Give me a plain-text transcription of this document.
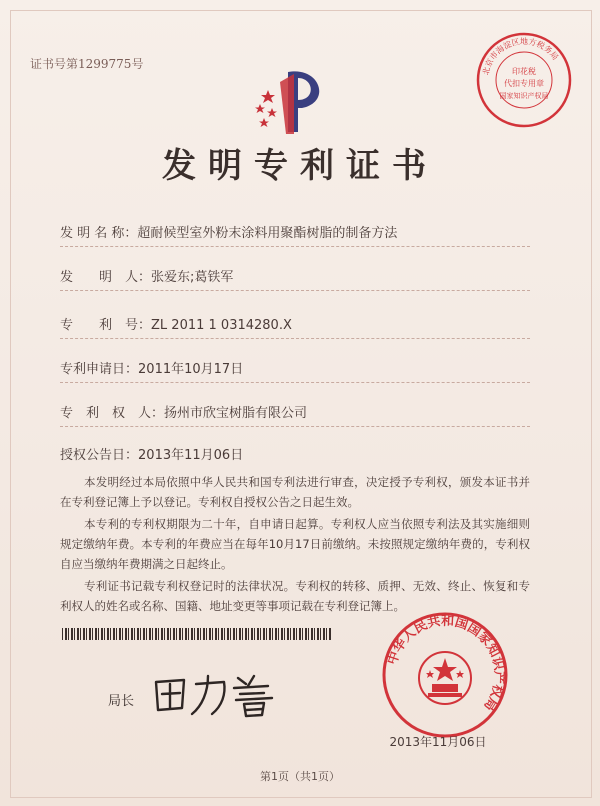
证书号第1299775号
北京市海淀区地方税务局
印花税
代扣专用章
国家知识产权局
发明专利证书
发 明 名 称：超耐候型室外粉末涂料用聚酯树脂的制备方法
发　　明　人：张爱东;葛铁军
专　　利　号：ZL 2011 1 0314280.X
专利申请日：2011年10月17日
专　利　权　人：扬州市欣宝树脂有限公司
授权公告日：2013年11月06日

本发明经过本局依照中华人民共和国专利法进行审查，决定授予专利权，颁发本证书并在专利登记簿上予以登记。专利权自授权公告之日起生效。

本专利的专利权期限为二十年，自申请日起算。专利权人应当依照专利法及其实施细则规定缴纳年费。本专利的年费应当在每年10月17日前缴纳。未按照规定缴纳年费的，专利权自应当缴纳年费期满之日起终止。

专利证书记载专利权登记时的法律状况。专利权的转移、质押、无效、终止、恢复和专利权人的姓名或名称、国籍、地址变更等事项记载在专利登记簿上。

局长
中华人民共和国国家知识产权局
2013年11月06日
第1页（共1页）
